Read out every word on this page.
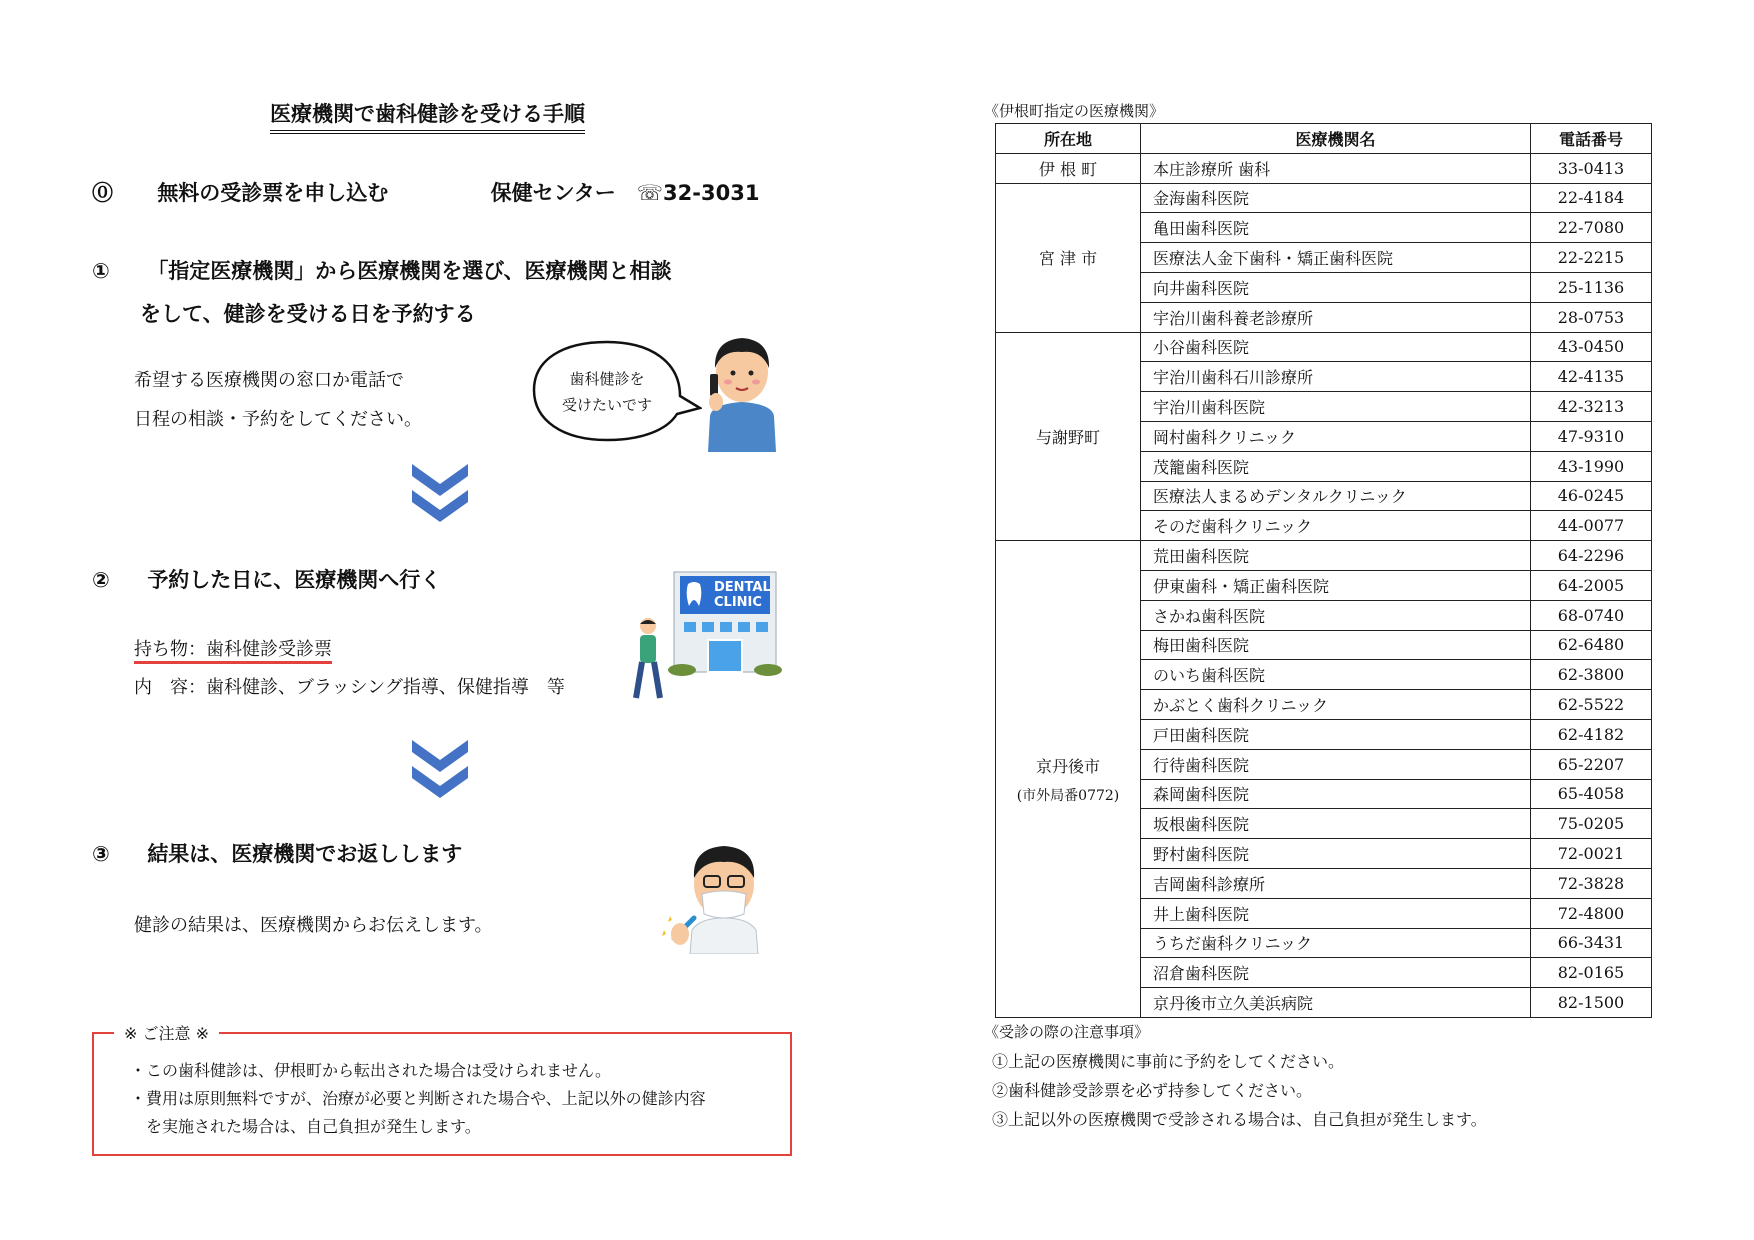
医療機関で歯科健診を受ける手順
⓪ 無料の受診票を申し込む	保健センター　☏32-3031
① 「指定医療機関」から医療機関を選び、医療機関と相談
をして、健診を受ける日を予約する
希望する医療機関の窓口か電話で
日程の相談・予約をしてください。
歯科健診を
受けたいです
② 予約した日に、医療機関へ行く
持ち物：歯科健診受診票
内　容：歯科健診、ブラッシング指導、保健指導　等
DENTAL
CLINIC
③ 結果は、医療機関でお返しします
健診の結果は、医療機関からお伝えします。
※ ご注意 ※
・この歯科健診は、伊根町から転出された場合は受けられません。
・費用は原則無料ですが、治療が必要と判断された場合や、上記以外の健診内容
を実施された場合は、自己負担が発生します。
《伊根町指定の医療機関》
所在地	医療機関名	電話番号
伊 根 町	本庄診療所 歯科	33-0413
宮 津 市	金海歯科医院	22-4184
	亀田歯科医院	22-7080
	医療法人金下歯科・矯正歯科医院	22-2215
	向井歯科医院	25-1136
	宇治川歯科養老診療所	28-0753
与謝野町	小谷歯科医院	43-0450
	宇治川歯科石川診療所	42-4135
	宇治川歯科医院	42-3213
	岡村歯科クリニック	47-9310
	茂籠歯科医院	43-1990
	医療法人まるめデンタルクリニック	46-0245
	そのだ歯科クリニック	44-0077
京丹後市
(市外局番0772)	荒田歯科医院	64-2296
	伊東歯科・矯正歯科医院	64-2005
	さかね歯科医院	68-0740
	梅田歯科医院	62-6480
	のいち歯科医院	62-3800
	かぶとく歯科クリニック	62-5522
	戸田歯科医院	62-4182
	行待歯科医院	65-2207
	森岡歯科医院	65-4058
	坂根歯科医院	75-0205
	野村歯科医院	72-0021
	吉岡歯科診療所	72-3828
	井上歯科医院	72-4800
	うちだ歯科クリニック	66-3431
	沼倉歯科医院	82-0165
	京丹後市立久美浜病院	82-1500
《受診の際の注意事項》
①上記の医療機関に事前に予約をしてください。
②歯科健診受診票を必ず持参してください。
③上記以外の医療機関で受診される場合は、自己負担が発生します。
